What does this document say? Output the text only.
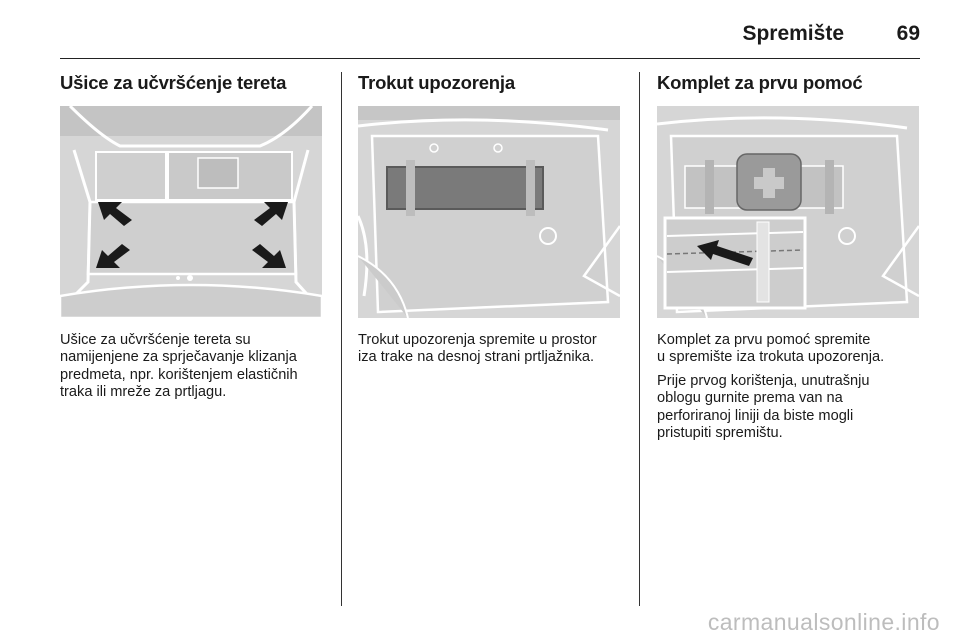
Spremište	69
Ušice za učvršćenje tereta

Ušice za učvršćenje tereta su
namijenjene za sprječavanje klizanja
predmeta, npr. korištenjem elastičnih
traka ili mreže za prtljagu.

Trokut upozorenja

Trokut upozorenja spremite u prostor
iza trake na desnoj strani prtljažnika.

Komplet za prvu pomoć

Komplet za prvu pomoć spremite
u spremište iza trokuta upozorenja.

Prije prvog korištenja, unutrašnju
oblogu gurnite prema van na
perforiranoj liniji da biste mogli
pristupiti spremištu.

carmanualsonline.info
